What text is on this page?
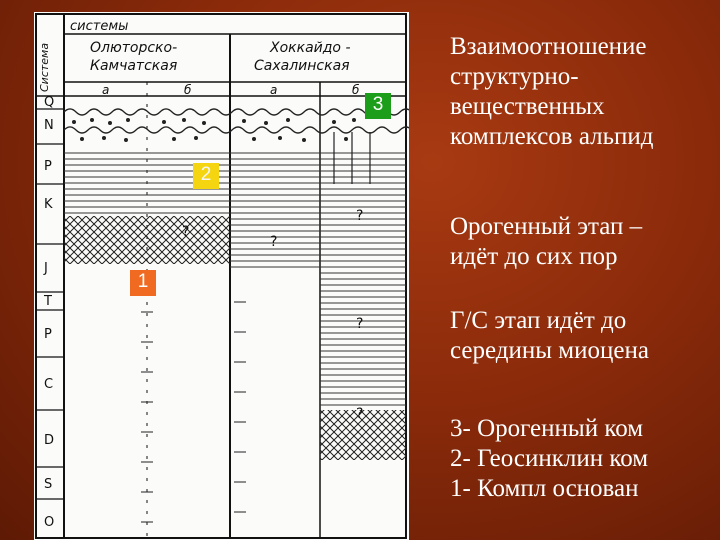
Система
системы
Олюторско-
Камчатская
Хоккайдо -
Сахалинская
а	б	а	б
Q
N
P
K
J
T
P
C
D
S
O
?
?
?
?
?
1
2
3
Взаимоотношение
структурно-
вещественных
комплексов альпид
Орогенный этап –
идёт до сих пор
Г/С этап идёт до
середины миоцена
3- Орогенный ком
2- Геосинклин ком
1- Компл основан
